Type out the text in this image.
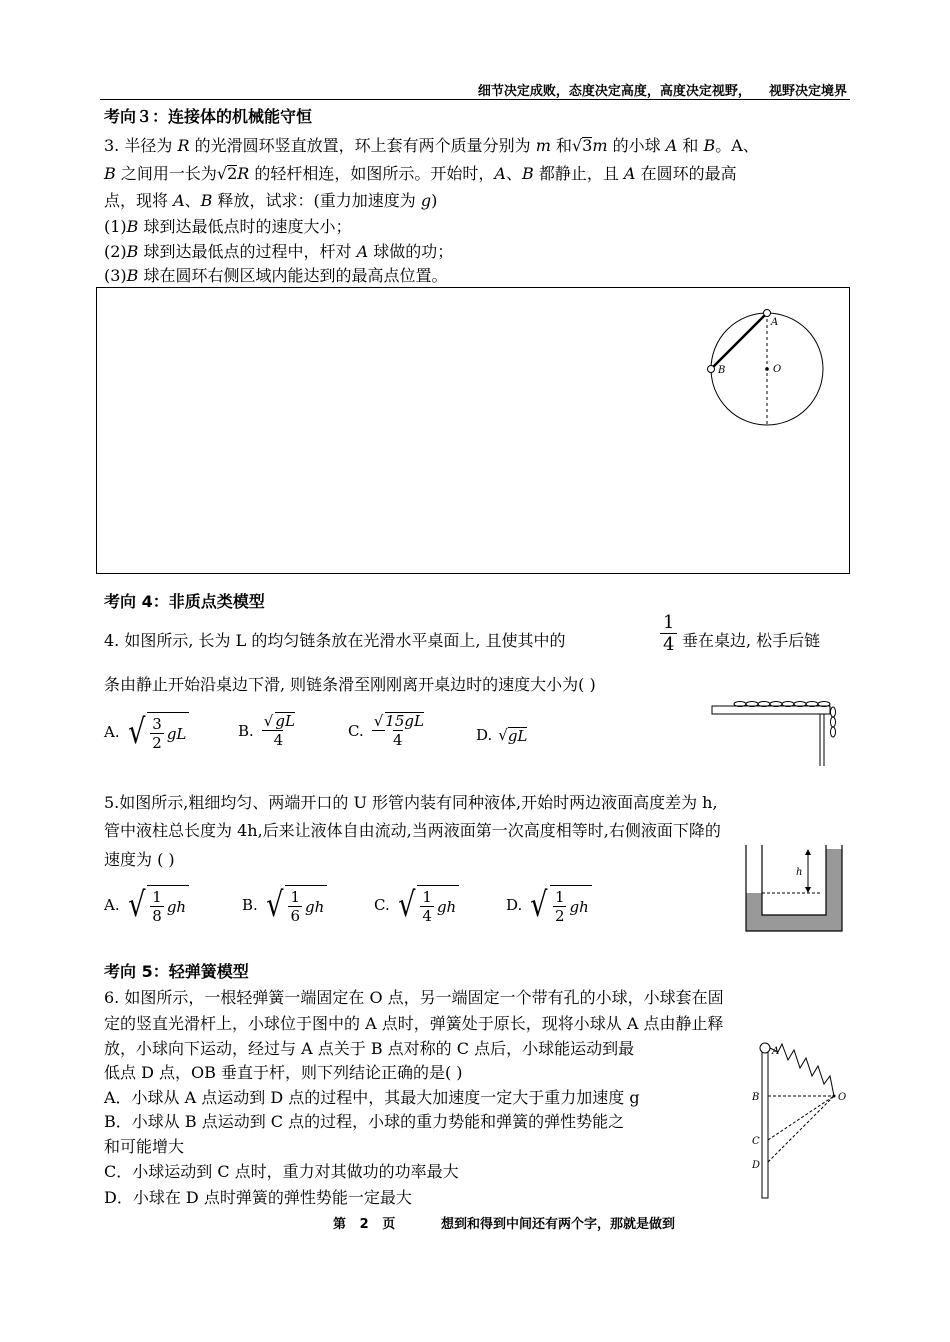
细节决定成败，态度决定高度，高度决定视野，    视野决定境界
考向３：连接体的机械能守恒
3. 半径为 R 的光滑圆环竖直放置，环上套有两个质量分别为 m 和√3m 的小球 A 和 B。A、
B 之间用一长为√2R 的轻杆相连，如图所示。开始时，A、B 都静止，且 A 在圆环的最高
点，现将 A、B 释放，试求：(重力加速度为 g)
(1)B 球到达最低点时的速度大小；
(2)B 球到达最低点的过程中，杆对 A 球做的功；
(3)B 球在圆环右侧区域内能达到的最高点位置。
A
B	O
考向 4：非质点类模型
4. 如图所示, 长为 L 的均匀链条放在光滑水平桌面上, 且使其中的
1
4 垂在桌边, 松手后链
条由静止开始沿桌边下滑, 则链条滑至刚刚离开桌边时的速度大小为( )
A. √ $\frac{3}{2}$ gL	B. $\frac{√ gL}{4}$	C. $\frac{√ 15gL}{4}$	D. √ gL
5.如图所示,粗细均匀、两端开口的 U 形管内装有同种液体,开始时两边液面高度差为 h,
管中液柱总长度为 4h,后来让液体自由流动,当两液面第一次高度相等时,右侧液面下降的
速度为 ( )
A. √ $\frac{1}{8}$ gh	B. √ $\frac{1}{6}$ gh	C. √ $\frac{1}{4}$ gh	D. √ $\frac{1}{2}$ gh
h
考向 5：轻弹簧模型
6. 如图所示，一根轻弹簧一端固定在 O 点，另一端固定一个带有孔的小球，小球套在固
定的竖直光滑杆上，小球位于图中的 A 点时，弹簧处于原长，现将小球从 A 点由静止释
放，小球向下运动，经过与 A 点关于 B 点对称的 C 点后，小球能运动到最
低点 D 点，OB 垂直于杆，则下列结论正确的是( )
A．小球从 A 点运动到 D 点的过程中，其最大加速度一定大于重力加速度 g
B．小球从 B 点运动到 C 点的过程，小球的重力势能和弹簧的弹性势能之
和可能增大
C．小球运动到 C 点时，重力对其做功的功率最大
D．小球在 D 点时弹簧的弹性势能一定最大
A
B
C
D
O
第   2   页	想到和得到中间还有两个字，那就是做到
